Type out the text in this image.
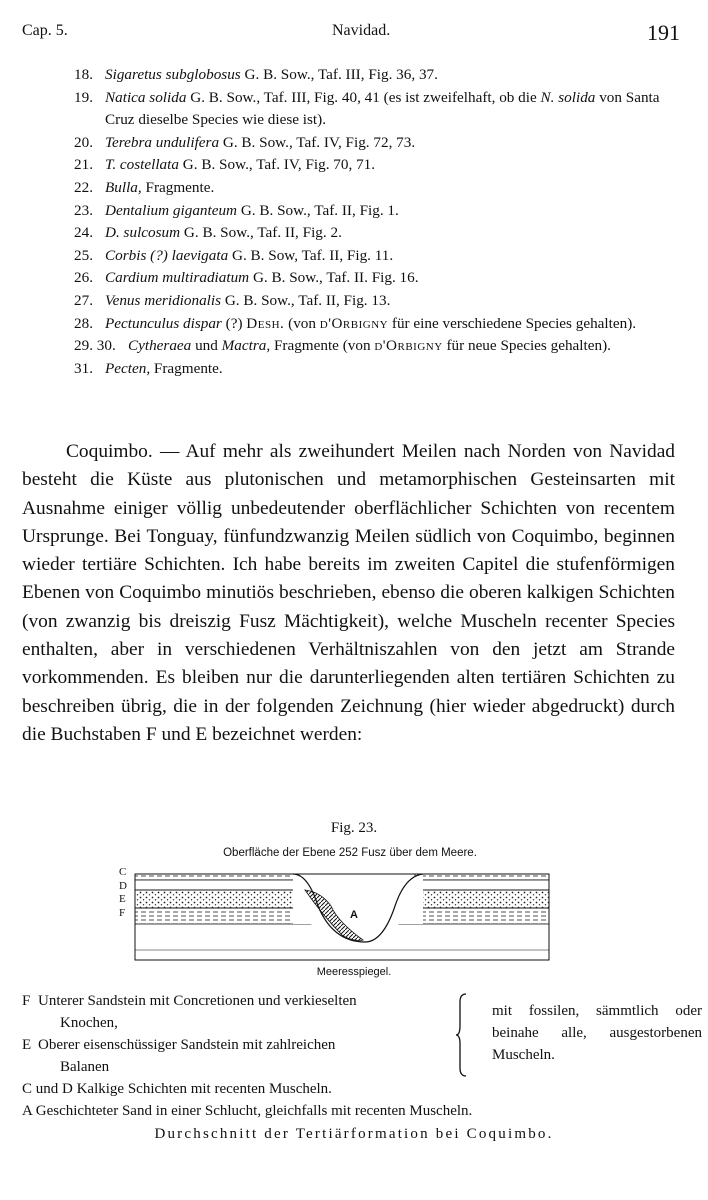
Cap. 5.	Navidad.	191
18. Sigaretus subglobosus G. B. Sow., Taf. III, Fig. 36, 37.
19. Natica solida G. B. Sow., Taf. III, Fig. 40, 41 (es ist zweifelhaft, ob die N. solida von Santa Cruz dieselbe Species wie diese ist).
20. Terebra undulifera G. B. Sow., Taf. IV, Fig. 72, 73.
21. T. costellata G. B. Sow., Taf. IV, Fig. 70, 71.
22. Bulla, Fragmente.
23. Dentalium giganteum G. B. Sow., Taf. II, Fig. 1.
24. D. sulcosum G. B. Sow., Taf. II, Fig. 2.
25. Corbis (?) laevigata G. B. Sow, Taf. II, Fig. 11.
26. Cardium multiradiatum G. B. Sow., Taf. II. Fig. 16.
27. Venus meridionalis G. B. Sow., Taf. II, Fig. 13.
28. Pectunculus dispar (?) Desh. (von d'Orbigny für eine verschiedene Species gehalten).
29. 30. Cytheraea und Mactra, Fragmente (von d'Orbigny für neue Species gehalten).
31. Pecten, Fragmente.

Coquimbo. — Auf mehr als zweihundert Meilen nach Norden von Navidad besteht die Küste aus plutonischen und metamorphischen Gesteinsarten mit Ausnahme einiger völlig unbedeutender oberflächlicher Schichten von recentem Ursprunge. Bei Tonguay, fünfundzwanzig Meilen südlich von Coquimbo, beginnen wieder tertiäre Schichten. Ich habe bereits im zweiten Capitel die stufenförmigen Ebenen von Coquimbo minutiös beschrieben, ebenso die oberen kalkigen Schichten (von zwanzig bis dreiszig Fusz Mächtigkeit), welche Muscheln recenter Species enthalten, aber in verschiedenen Verhältniszahlen von den jetzt am Strande vorkommenden. Es bleiben nur die darunterliegenden alten tertiären Schichten zu beschreiben übrig, die in der folgenden Zeichnung (hier wieder abgedruckt) durch die Buchstaben F und E bezeichnet werden:

Fig. 23.
Oberfläche der Ebene 252 Fusz über dem Meere.
C
D
E
F	A
Meeresspiegel.
F Unterer Sandstein mit Concretionen und verkieselten
Knochen,
E Oberer eisenschüssiger Sandstein mit zahlreichen
Balanen
mit fossilen, sämmtlich oder beinahe alle, ausgestorbenen Muscheln.
C und D Kalkige Schichten mit recenten Muscheln.
A Geschichteter Sand in einer Schlucht, gleichfalls mit recenten Muscheln.
Durchschnitt der Tertiärformation bei Coquimbo.
